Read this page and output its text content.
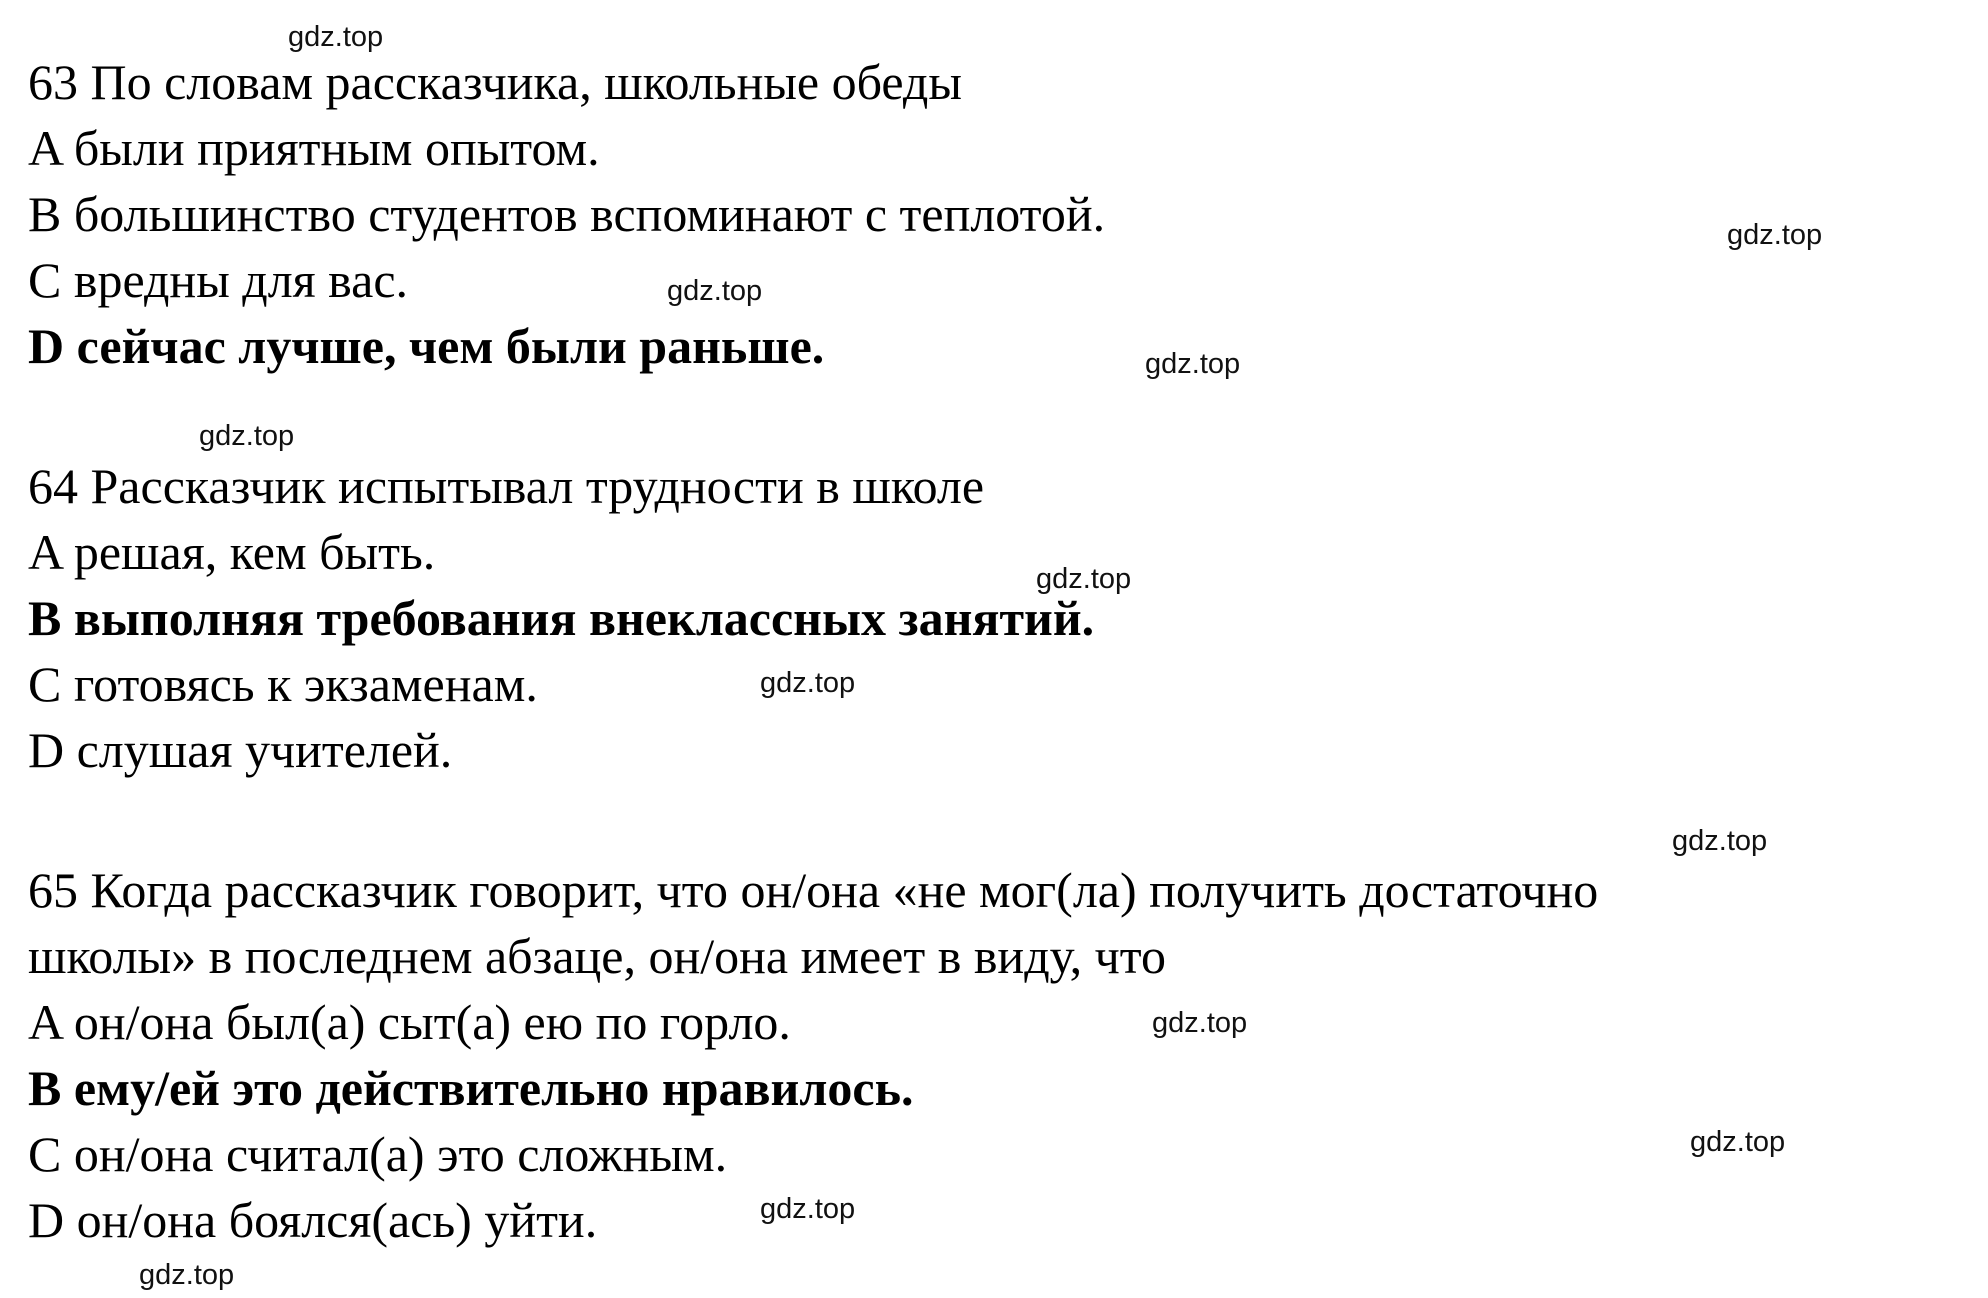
63 По словам рассказчика, школьные обеды
A были приятным опытом.
B большинство студентов вспоминают с теплотой.
C вредны для вас.
D сейчас лучше, чем были раньше.
64 Рассказчик испытывал трудности в школе
A решая, кем быть.
B выполняя требования внеклассных занятий.
C готовясь к экзаменам.
D слушая учителей.
65 Когда рассказчик говорит, что он/она «не мог(ла) получить достаточно
школы» в последнем абзаце, он/она имеет в виду, что
A он/она был(а) сыт(а) ею по горло.
B ему/ей это действительно нравилось.
C он/она считал(а) это сложным.
D он/она боялся(ась) уйти.
gdz.top
gdz.top
gdz.top
gdz.top
gdz.top
gdz.top
gdz.top
gdz.top
gdz.top
gdz.top
gdz.top
gdz.top
